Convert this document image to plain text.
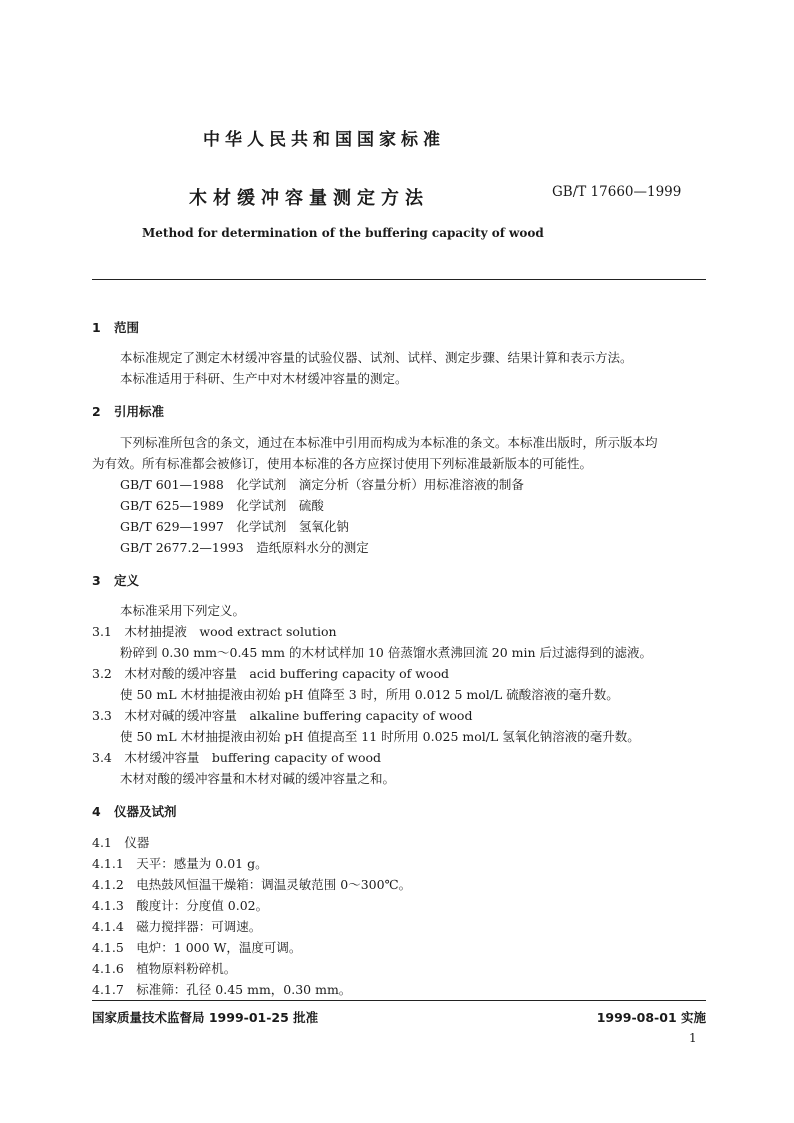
中华人民共和国国家标准
木材缓冲容量测定方法	GB/T 17660—1999
Method for determination of the buffering capacity of wood
1 范围
本标准规定了测定木材缓冲容量的试验仪器、试剂、试样、测定步骤、结果计算和表示方法。
本标准适用于科研、生产中对木材缓冲容量的测定。
2 引用标准
下列标准所包含的条文，通过在本标准中引用而构成为本标准的条文。本标准出版时，所示版本均
为有效。所有标准都会被修订，使用本标准的各方应探讨使用下列标准最新版本的可能性。
GB/T 601—1988　化学试剂　滴定分析（容量分析）用标准溶液的制备
GB/T 625—1989　化学试剂　硫酸
GB/T 629—1997　化学试剂　氢氧化钠
GB/T 2677.2—1993　造纸原料水分的测定
3 定义
本标准采用下列定义。
3.1　木材抽提液　wood extract solution
粉碎到 0.30 mm～0.45 mm 的木材试样加 10 倍蒸馏水煮沸回流 20 min 后过滤得到的滤液。
3.2　木材对酸的缓冲容量　acid buffering capacity of wood
使 50 mL 木材抽提液由初始 pH 值降至 3 时，所用 0.012 5 mol/L 硫酸溶液的毫升数。
3.3　木材对碱的缓冲容量　alkaline buffering capacity of wood
使 50 mL 木材抽提液由初始 pH 值提高至 11 时所用 0.025 mol/L 氢氧化钠溶液的毫升数。
3.4　木材缓冲容量　buffering capacity of wood
木材对酸的缓冲容量和木材对碱的缓冲容量之和。
4 仪器及试剂
4.1　仪器
4.1.1　天平：感量为 0.01 g。
4.1.2　电热鼓风恒温干燥箱：调温灵敏范围 0～300℃。
4.1.3　酸度计：分度值 0.02。
4.1.4　磁力搅拌器：可调速。
4.1.5　电炉：1 000 W，温度可调。
4.1.6　植物原料粉碎机。
4.1.7　标准筛：孔径 0.45 mm，0.30 mm。
国家质量技术监督局 1999-01-25 批准	1999-08-01 实施
1
